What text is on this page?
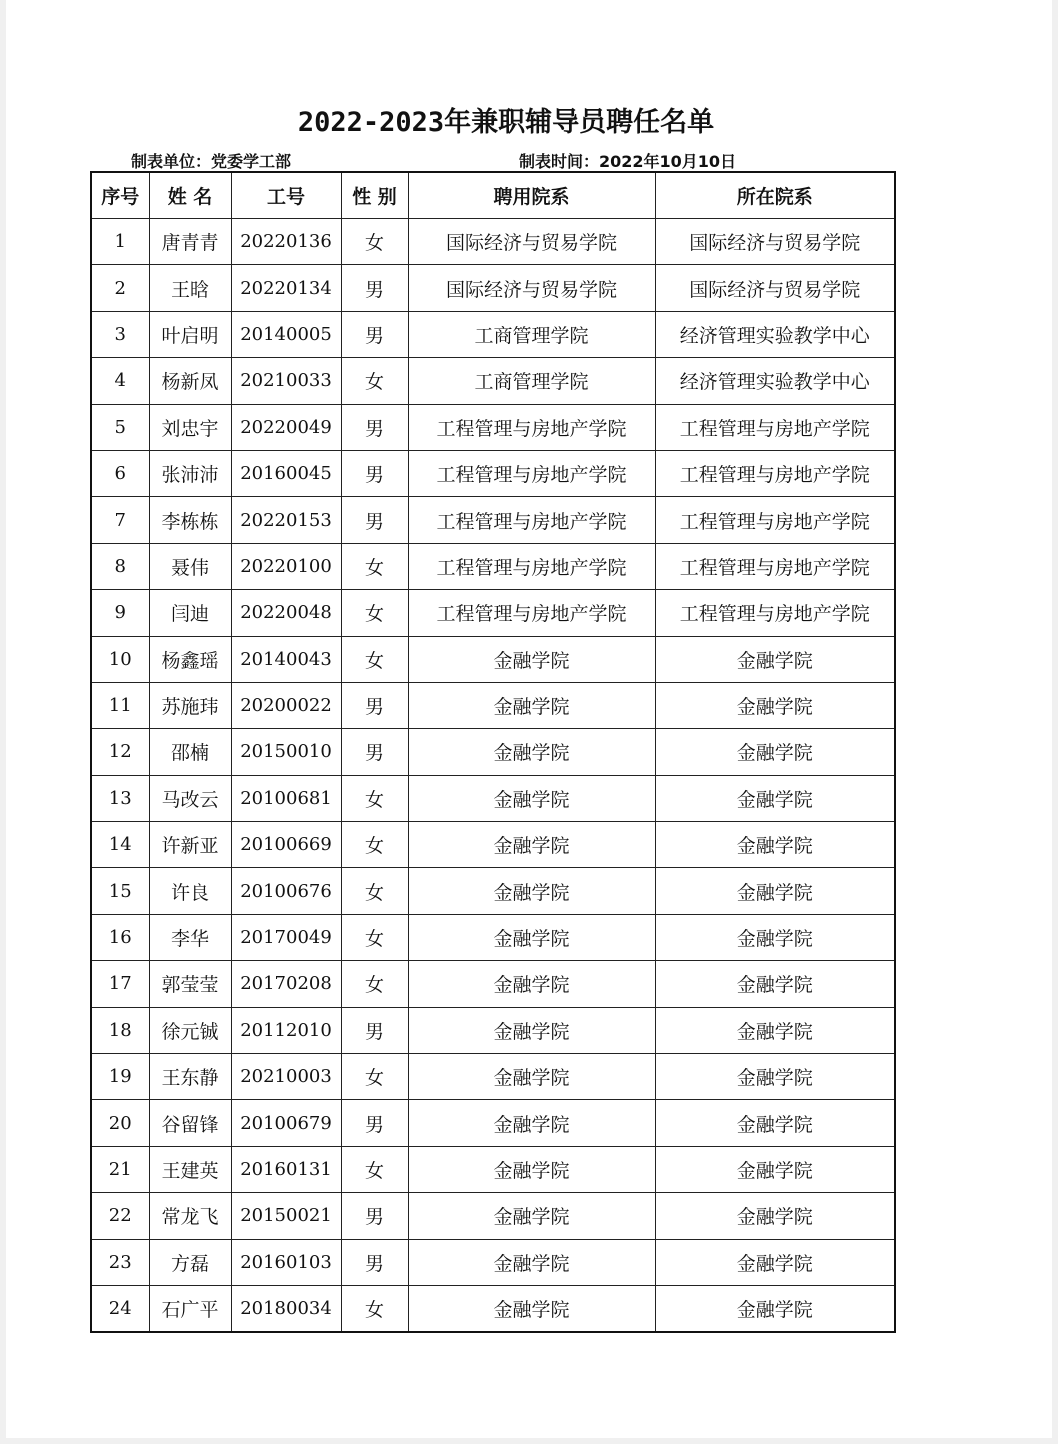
2022-2023年兼职辅导员聘任名单
制表单位：党委学工部	制表时间：2022年10月10日
序号	姓 名	工号	性 别	聘用院系	所在院系
1	唐青青	20220136	女	国际经济与贸易学院	国际经济与贸易学院
2	王晗	20220134	男	国际经济与贸易学院	国际经济与贸易学院
3	叶启明	20140005	男	工商管理学院	经济管理实验教学中心
4	杨新凤	20210033	女	工商管理学院	经济管理实验教学中心
5	刘忠宇	20220049	男	工程管理与房地产学院	工程管理与房地产学院
6	张沛沛	20160045	男	工程管理与房地产学院	工程管理与房地产学院
7	李栋栋	20220153	男	工程管理与房地产学院	工程管理与房地产学院
8	聂伟	20220100	女	工程管理与房地产学院	工程管理与房地产学院
9	闫迪	20220048	女	工程管理与房地产学院	工程管理与房地产学院
10	杨鑫瑶	20140043	女	金融学院	金融学院
11	苏施玮	20200022	男	金融学院	金融学院
12	邵楠	20150010	男	金融学院	金融学院
13	马改云	20100681	女	金融学院	金融学院
14	许新亚	20100669	女	金融学院	金融学院
15	许良	20100676	女	金融学院	金融学院
16	李华	20170049	女	金融学院	金融学院
17	郭莹莹	20170208	女	金融学院	金融学院
18	徐元铖	20112010	男	金融学院	金融学院
19	王东静	20210003	女	金融学院	金融学院
20	谷留锋	20100679	男	金融学院	金融学院
21	王建英	20160131	女	金融学院	金融学院
22	常龙飞	20150021	男	金融学院	金融学院
23	方磊	20160103	男	金融学院	金融学院
24	石广平	20180034	女	金融学院	金融学院
